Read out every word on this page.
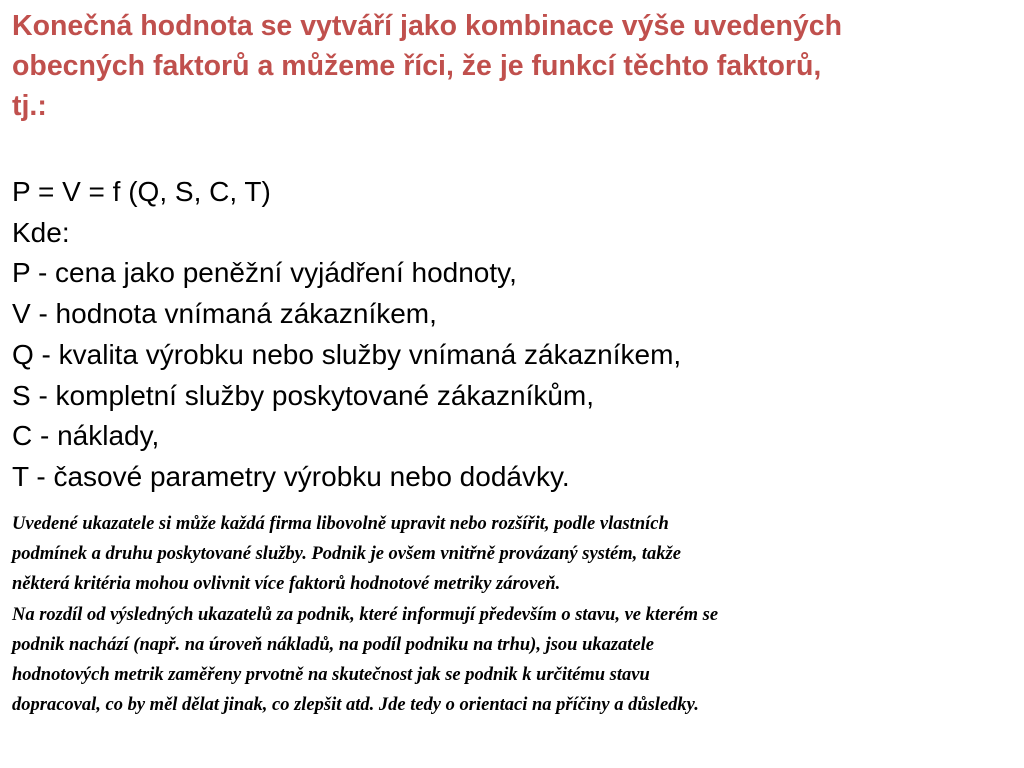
Konečná hodnota se vytváří jako kombinace výše uvedených
obecných faktorů a můžeme říci, že je funkcí těchto faktorů,
tj.:
P = V = f (Q, S, C, T)
Kde:
P - cena jako peněžní vyjádření hodnoty,
V - hodnota vnímaná zákazníkem,
Q - kvalita výrobku nebo služby vnímaná zákazníkem,
S - kompletní služby poskytované zákazníkům,
C - náklady,
T - časové parametry výrobku nebo dodávky.
Uvedené ukazatele si může každá firma libovolně upravit nebo rozšířit, podle vlastních
podmínek a druhu poskytované služby. Podnik je ovšem vnitřně provázaný systém, takže
některá kritéria mohou ovlivnit více faktorů hodnotové metriky zároveň.
Na rozdíl od výsledných ukazatelů za podnik, které informují především o stavu, ve kterém se
podnik nachází (např. na úroveň nákladů, na podíl podniku na trhu), jsou ukazatele
hodnotových metrik zaměřeny prvotně na skutečnost jak se podnik k určitému stavu
dopracoval, co by měl dělat jinak, co zlepšit atd. Jde tedy o orientaci na příčiny a důsledky.
